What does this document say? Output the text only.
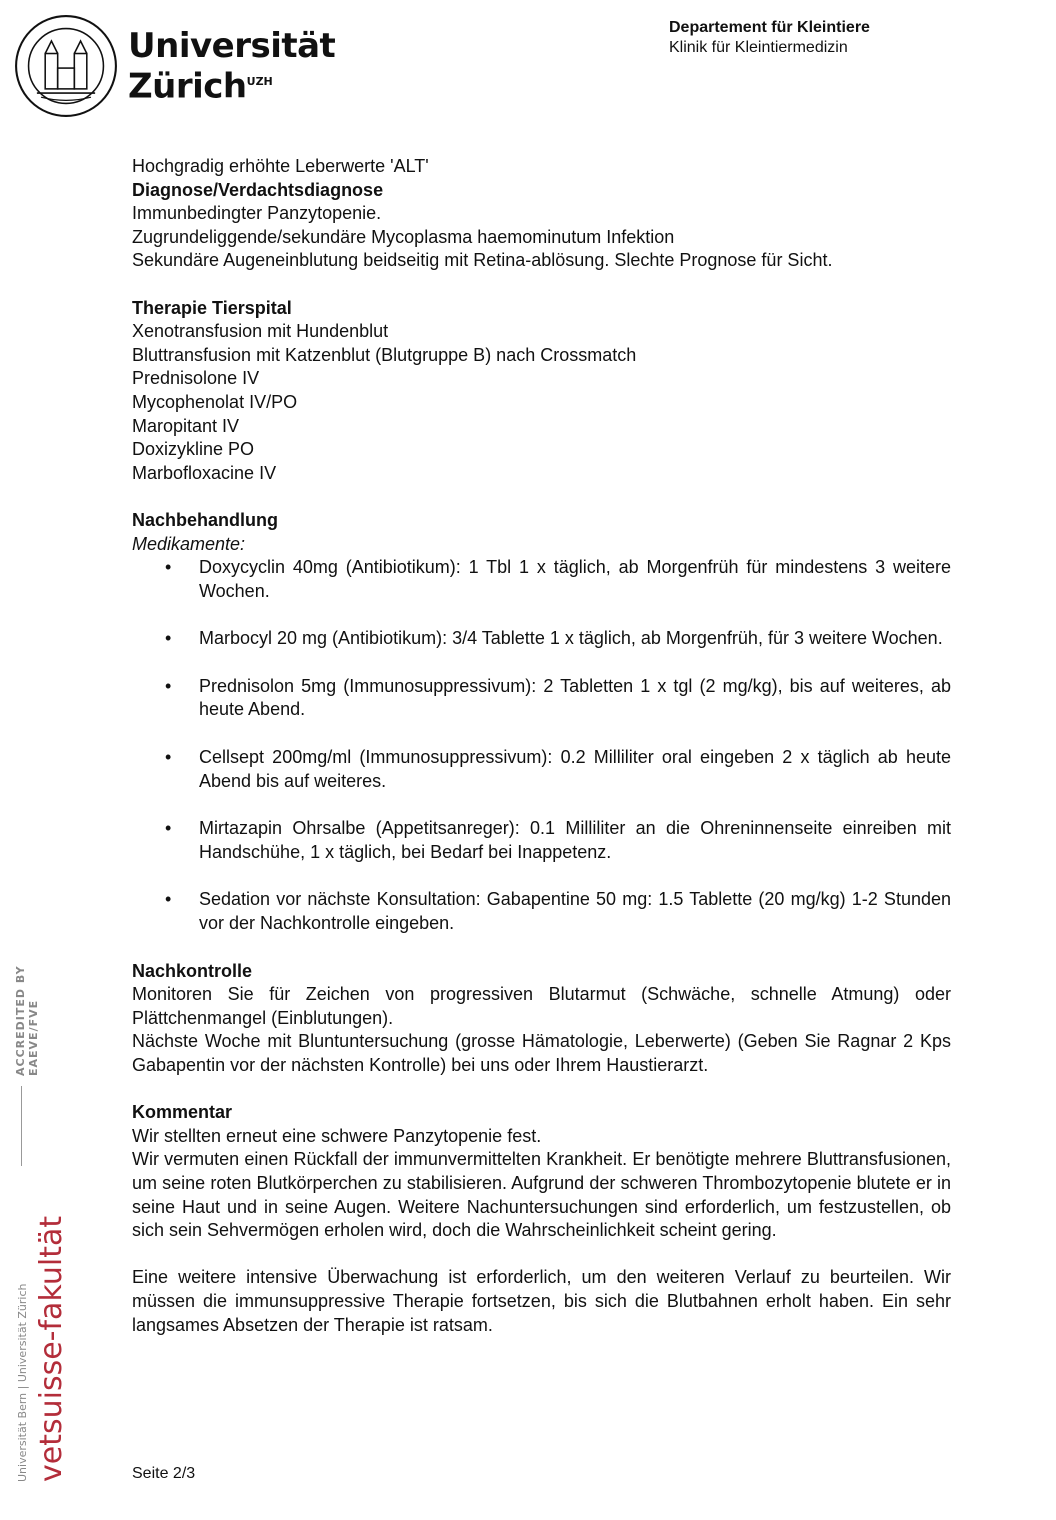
Universität
Zürich$^{UZH}$
Departement für Kleintiere
Klinik für Kleintiermedizin

Hochgradig erhöhte Leberwerte 'ALT'

Diagnose/Verdachtsdiagnose

Immunbedingter Panzytopenie.

Zugrundeliggende/sekundäre Mycoplasma haemominutum Infektion

Sekundäre Augeneinblutung beidseitig mit Retina-ablösung. Slechte Prognose für Sicht.

Therapie Tierspital

Xenotransfusion mit Hundenblut

Bluttransfusion mit Katzenblut (Blutgruppe B) nach Crossmatch

Prednisolone IV

Mycophenolat IV/PO

Maropitant IV

Doxizykline PO

Marbofloxacine IV

Nachbehandlung

Medikamente:

• Doxycyclin 40mg (Antibiotikum): 1 Tbl 1 x täglich, ab Morgenfrüh für mindestens 3 weitere Wochen.
• Marbocyl 20 mg (Antibiotikum): 3/4 Tablette 1 x täglich, ab Morgenfrüh, für 3 weitere Wochen.
• Prednisolon 5mg (Immunosuppressivum): 2 Tabletten 1 x tgl (2 mg/kg), bis auf weiteres, ab heute Abend.
• Cellsept 200mg/ml (Immunosuppressivum): 0.2 Milliliter oral eingeben 2 x täglich ab heute Abend bis auf weiteres.
• Mirtazapin Ohrsalbe (Appetitsanreger): 0.1 Milliliter an die Ohreninnenseite einreiben mit Handschühe, 1 x täglich, bei Bedarf bei Inappetenz.
• Sedation vor nächste Konsultation: Gabapentine 50 mg: 1.5 Tablette (20 mg/kg) 1-2 Stunden vor der Nachkontrolle eingeben.

Nachkontrolle

Monitoren Sie für Zeichen von progressiven Blutarmut (Schwäche, schnelle Atmung) oder Plättchenmangel (Einblutungen).

Nächste Woche mit Bluntuntersuchung (grosse Hämatologie, Leberwerte) (Geben Sie Ragnar 2 Kps Gabapentin vor der nächsten Kontrolle) bei uns oder Ihrem Haustierarzt.

Kommentar

Wir stellten erneut eine schwere Panzytopenie fest.

Wir vermuten einen Rückfall der immunvermittelten Krankheit. Er benötigte mehrere Bluttransfusionen, um seine roten Blutkörperchen zu stabilisieren. Aufgrund der schweren Thrombozytopenie blutete er in seine Haut und in seine Augen. Weitere Nachuntersuchungen sind erforderlich, um festzustellen, ob sich sein Sehvermögen erholen wird, doch die Wahrscheinlichkeit scheint gering.

Eine weitere intensive Überwachung ist erforderlich, um den weiteren Verlauf zu beurteilen. Wir müssen die immunsuppressive Therapie fortsetzen, bis sich die Blutbahnen erholt haben. Ein sehr langsames Absetzen der Therapie ist ratsam.

Universität Bern | Universität Zürich vetsuisse-fakultät
ACCREDITED BY EAEVE/FVE
Seite 2/3
